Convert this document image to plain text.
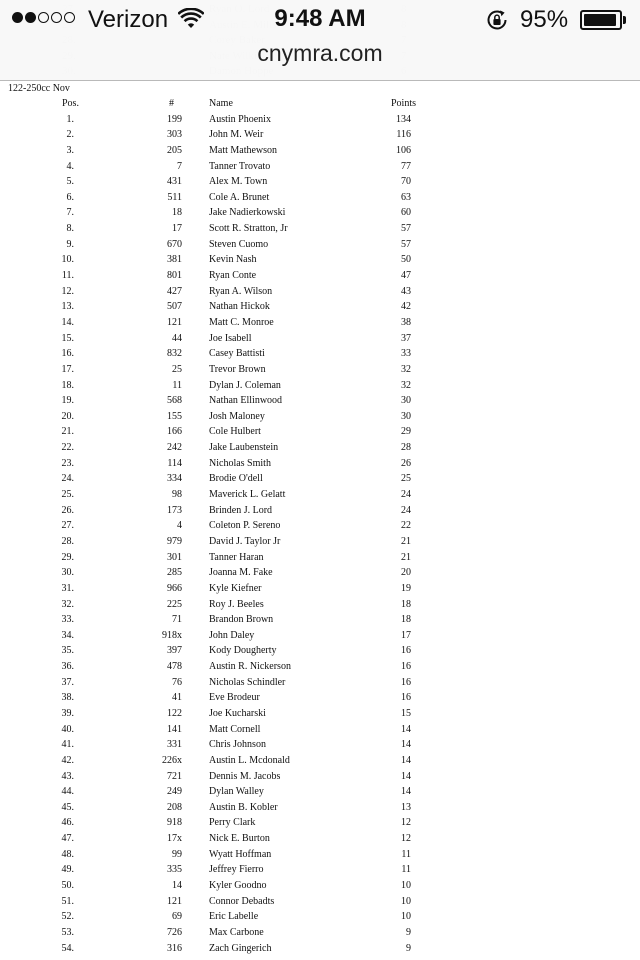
Verizon	9:48 AM	95%
cnymra.com
122-250cc Nov
Pos.	#	Name	Points
1.	199	Austin Phoenix	134
2.	303	John M. Weir	116
3.	205	Matt Mathewson	106
4.	7	Tanner Trovato	77
5.	431	Alex M. Town	70
6.	511	Cole A. Brunet	63
7.	18	Jake Nadierkowski	60
8.	17	Scott R. Stratton, Jr	57
9.	670	Steven Cuomo	57
10.	381	Kevin Nash	50
11.	801	Ryan Conte	47
12.	427	Ryan A. Wilson	43
13.	507	Nathan Hickok	42
14.	121	Matt C. Monroe	38
15.	44	Joe Isabell	37
16.	832	Casey Battisti	33
17.	25	Trevor Brown	32
18.	11	Dylan J. Coleman	32
19.	568	Nathan Ellinwood	30
20.	155	Josh Maloney	30
21.	166	Cole Hulbert	29
22.	242	Jake Laubenstein	28
23.	114	Nicholas Smith	26
24.	334	Brodie O'dell	25
25.	98	Maverick L. Gelatt	24
26.	173	Brinden J. Lord	24
27.	4	Coleton P. Sereno	22
28.	979	David J. Taylor Jr	21
29.	301	Tanner Haran	21
30.	285	Joanna M. Fake	20
31.	966	Kyle Kiefner	19
32.	225	Roy J. Beeles	18
33.	71	Brandon Brown	18
34.	918x	John Daley	17
35.	397	Kody Dougherty	16
36.	478	Austin R. Nickerson	16
37.	76	Nicholas Schindler	16
38.	41	Eve Brodeur	16
39.	122	Joe Kucharski	15
40.	141	Matt Cornell	14
41.	331	Chris Johnson	14
42.	226x	Austin L. Mcdonald	14
43.	721	Dennis M. Jacobs	14
44.	249	Dylan Walley	14
45.	208	Austin B. Kobler	13
46.	918	Perry Clark	12
47.	17x	Nick E. Burton	12
48.	99	Wyatt Hoffman	11
49.	335	Jeffrey Fierro	11
50.	14	Kyler Goodno	10
51.	121	Connor Debadts	10
52.	69	Eric Labelle	10
53.	726	Max Carbone	9
54.	316	Zach Gingerich	9
